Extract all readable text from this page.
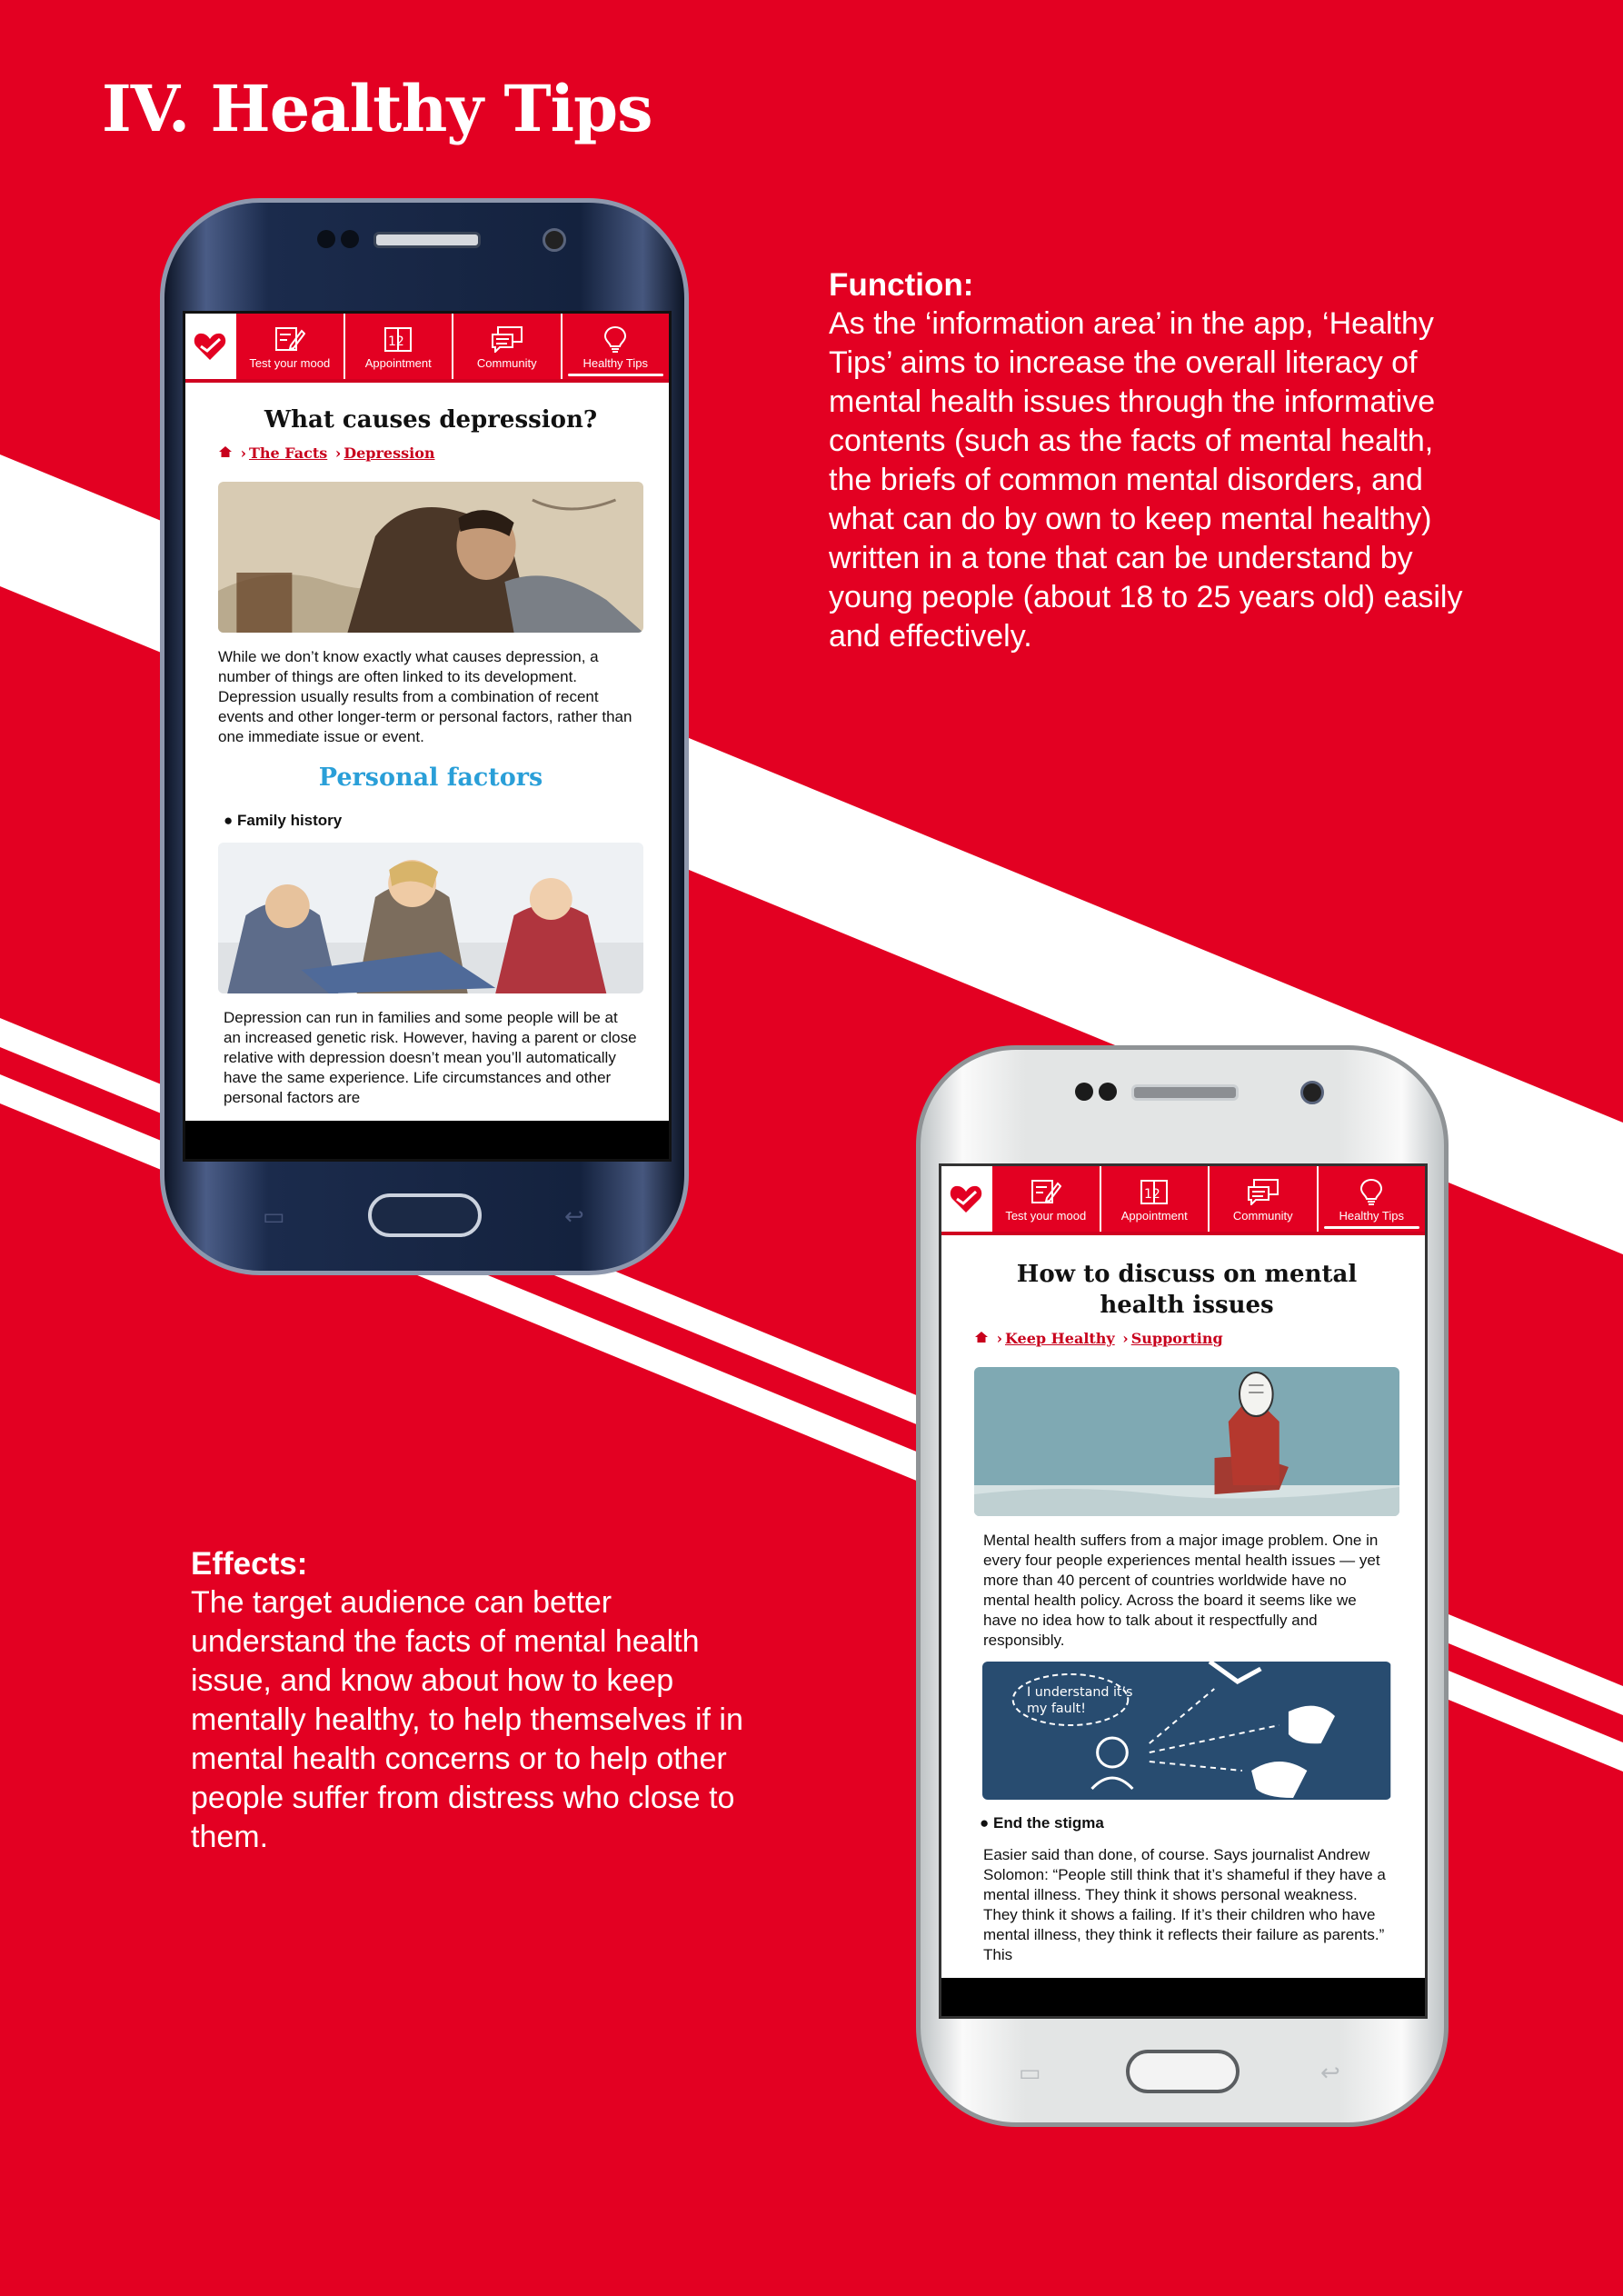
IV. Healthy Tips
Function:

As the ‘information area’ in the app, ‘Healthy Tips’ aims to increase the overall literacy of mental health issues through the informative contents (such as the facts of mental health, the briefs of common mental disorders, and what can do by own to keep mental healthy) written in a tone that can be understand by young people (about 18 to 25 years old) easily and effectively.

Effects:

The target audience can better understand the facts of mental health issue, and know about how to keep mentally healthy, to help themselves if in mental health concerns or to help other people suffer from distress who close to them.

Test your mood
12
Appointment	Community	Healthy Tips
What causes depression?
› The Facts › Depression

While we don’t know exactly what causes depression, a number of things are often linked to its development. Depression usually results from a combination of recent events and other longer-term or personal factors, rather than one immediate issue or event.

Personal factors
● Family history

Depression can run in families and some people will be at an increased genetic risk. However, having a parent or close relative with depression doesn’t mean you’ll automatically have the same experience. Life circumstances and other personal factors are

▭	↩	Test your mood
12
Appointment	Community	Healthy Tips
How to discuss on mental health issues
› Keep Healthy › Supporting

Mental health suffers from a major image problem. One in every four people experiences mental health issues — yet more than 40 percent of countries worldwide have no mental health policy. Across the board it seems like we have no idea how to talk about it respectfully and responsibly.

I understand it’s
my fault!
● End the stigma

Easier said than done, of course. Says journalist Andrew Solomon: “People still think that it’s shameful if they have a mental illness. They think it shows personal weakness. They think it shows a failing. If it’s their children who have mental illness, they think it reflects their failure as parents.” This

▭	↩
